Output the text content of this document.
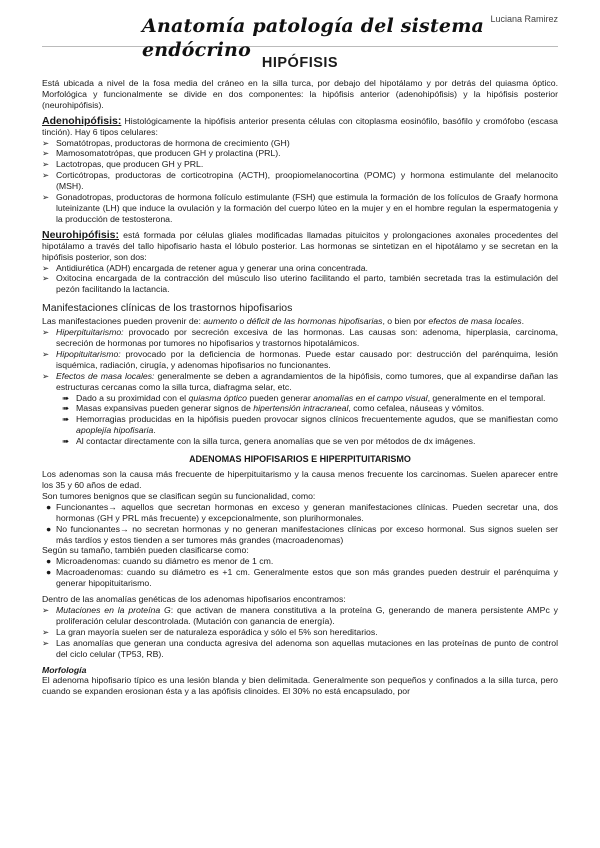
Anatomía patología del sistema endócrino
Luciana Ramirez
HIPÓFISIS

Está ubicada a nivel de la fosa media del cráneo en la silla turca, por debajo del hipotálamo y por detrás del quiasma óptico. Morfológica y funcionalmente se divide en dos componentes: la hipófisis anterior (adenohipófisis) y la hipófisis posterior (neurohipófisis).

Adenohipófisis: Histológicamente la hipófisis anterior presenta células con citoplasma eosinófilo, basófilo y cromófobo (escasa tinción). Hay 6 tipos celulares:

➢ Somatótropas, productoras de hormona de crecimiento (GH)
➢ Mamosomatotrópas, que producen GH y prolactina (PRL).
➢ Lactotropas, que producen GH y PRL.
➢ Corticótropas, productoras de corticotropina (ACTH), proopiomelanocortina (POMC) y hormona estimulante del melanocito (MSH).
➢ Gonadotropas, productoras de hormona folículo estimulante (FSH) que estimula la formación de los folículos de Graafy hormona luteinizante (LH) que induce la ovulación y la formación del cuerpo lúteo en la mujer y en el hombre regulan la espermatogenia y la producción de testosterona.

Neurohipófisis: está formada por células gliales modificadas llamadas pituicitos y prolongaciones axonales procedentes del hipotálamo a través del tallo hipofisario hasta el lóbulo posterior. Las hormonas se sintetizan en el hipotálamo y se secretan en la hipófisis posterior, son dos:

➢ Antidiurética (ADH) encargada de retener agua y generar una orina concentrada.
➢ Oxitocina encargada de la contracción del músculo liso uterino facilitando el parto, también secretada tras la estimulación del pezón facilitando la lactancia.
Manifestaciones clínicas de los trastornos hipofisarios

Las manifestaciones pueden provenir de: aumento o déficit de las hormonas hipofisarias, o bien por efectos de masa locales.

➢ Hiperpituitarismo: provocado por secreción excesiva de las hormonas. Las causas son: adenoma, hiperplasia, carcinoma, secreción de hormonas por tumores no hipofisarios y trastornos hipotalámicos.
➢ Hipopituitarismo: provocado por la deficiencia de hormonas. Puede estar causado por: destrucción del parénquima, lesión isquémica, radiación, cirugía, y adenomas hipofisarios no funcionantes.
➢ Efectos de masa locales: generalmente se deben a agrandamientos de la hipófisis, como tumores, que al expandirse dañan las estructuras cercanas como la silla turca, diafragma selar, etc.
➠ Dado a su proximidad con el quiasma óptico pueden generar anomalías en el campo visual, generalmente en el temporal.
➠ Masas expansivas pueden generar signos de hipertensión intracraneal, como cefalea, náuseas y vómitos.
➠ Hemorragias producidas en la hipófisis pueden provocar signos clínicos frecuentemente agudos, que se manifiestan como apoplejía hipofisaria.
➠ Al contactar directamente con la silla turca, genera anomalías que se ven por métodos de dx imágenes.
ADENOMAS HIPOFISARIOS E HIPERPITUITARISMO

Los adenomas son la causa más frecuente de hiperpituitarismo y la causa menos frecuente los carcinomas. Suelen aparecer entre los 35 y 60 años de edad.

Son tumores benignos que se clasifican según su funcionalidad, como:

● Funcionantes→ aquellos que secretan hormonas en exceso y generan manifestaciones clínicas. Pueden secretar una, dos hormonas (GH y PRL más frecuente) y excepcionalmente, son plurihormonales.
● No funcionantes→ no secretan hormonas y no generan manifestaciones clínicas por exceso hormonal. Sus signos suelen ser más tardíos y estos tienden a ser tumores más grandes (macroadenomas)

Según su tamaño, también pueden clasificarse como:

● Microadenomas: cuando su diámetro es menor de 1 cm.
● Macroadenomas: cuando su diámetro es +1 cm. Generalmente estos que son más grandes pueden destruir el parénquima y generar hipopituitarismo.

Dentro de las anomalías genéticas de los adenomas hipofisarios encontramos:

➢ Mutaciones en la proteína G: que activan de manera constitutiva a la proteína G, generando de manera persistente AMPc y proliferación celular descontrolada. (Mutación con ganancia de energía).
➢ La gran mayoría suelen ser de naturaleza esporádica y sólo el 5% son hereditarios.
➢ Las anomalías que generan una conducta agresiva del adenoma son aquellas mutaciones en las proteínas de punto de control del ciclo celular (TP53, RB).

Morfología

El adenoma hipofisario típico es una lesión blanda y bien delimitada. Generalmente son pequeños y confinados a la silla turca, pero cuando se expanden erosionan ésta y a las apófisis clinoides. El 30% no está encapsulado, por
